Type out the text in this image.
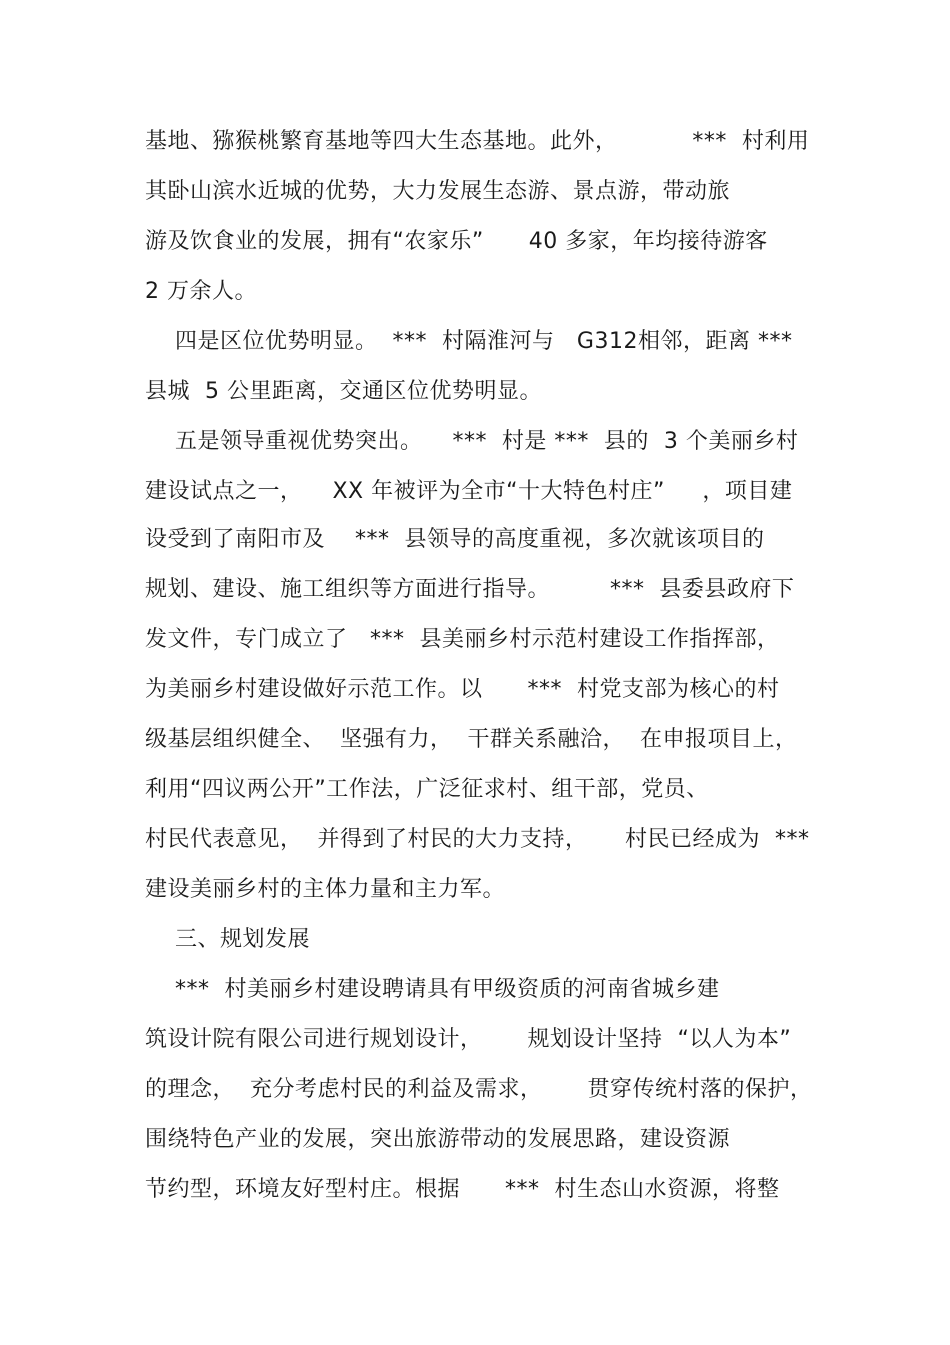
基地、猕猴桃繁育基地等四大生态基地。此外，          ***  村利用
其卧山滨水近城的优势，大力发展生态游、景点游，带动旅
游及饮食业的发展，拥有“农家乐”      40 多家，年均接待游客
2 万余人。
四是区位优势明显。  ***  村隔淮河与   G312相邻，距离 ***
县城  5 公里距离，交通区位优势明显。
五是领导重视优势突出。    ***  村是 ***  县的  3 个美丽乡村
建设试点之一，    XX 年被评为全市“十大特色村庄”     ，项目建
设受到了南阳市及    ***  县领导的高度重视，多次就该项目的
规划、建设、施工组织等方面进行指导。        ***  县委县政府下
发文件，专门成立了   ***  县美丽乡村示范村建设工作指挥部，
为美丽乡村建设做好示范工作。以      ***  村党支部为核心的村
级基层组织健全、  坚强有力，  干群关系融洽，  在申报项目上，
利用“四议两公开”工作法，广泛征求村、组干部，党员、
村民代表意见，  并得到了村民的大力支持，     村民已经成为  ***
建设美丽乡村的主体力量和主力军。
三、规划发展
***  村美丽乡村建设聘请具有甲级资质的河南省城乡建
筑设计院有限公司进行规划设计，      规划设计坚持  “以人为本”
的理念，  充分考虑村民的利益及需求，      贯穿传统村落的保护，
围绕特色产业的发展，突出旅游带动的发展思路，建设资源
节约型，环境友好型村庄。根据      ***  村生态山水资源，将整
